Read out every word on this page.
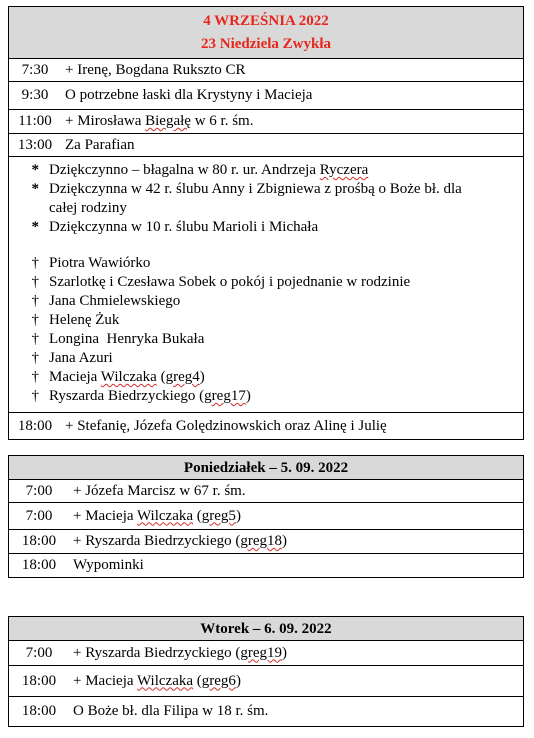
4 WRZEŚNIA 2022
23 Niedziela Zwykła
7:30	+ Irenę, Bogdana Rukszto CR
9:30	O potrzebne łaski dla Krystyny i Macieja
11:00 + Mirosława Biegałę w 6 r. śm.
13:00 Za Parafian
* Dziękczynno – błagalna w 80 r. ur. Andrzeja Ryczera
* Dziękczynna w 42 r. ślubu Anny i Zbigniewa z prośbą o Boże bł. dla całej rodziny
* Dziękczynna w 10 r. ślubu Marioli i Michała
† Piotra Wawiórko
† Szarlotkę i Czesława Sobek o pokój i pojednanie w rodzinie
† Jana Chmielewskiego
† Helenę Żuk
† Longina  Henryka Bukała
† Jana Azuri
† Macieja Wilczaka (greg4)
† Ryszarda Biedrzyckiego (greg17)
18:00 + Stefanię, Józefa Golędzinowskich oraz Alinę i Julię
Poniedziałek – 5. 09. 2022
7:00	+ Józefa Marcisz w 67 r. śm.
7:00	+ Macieja Wilczaka (greg5)
18:00	+ Ryszarda Biedrzyckiego (greg18)
18:00	Wypominki
Wtorek – 6. 09. 2022
7:00	+ Ryszarda Biedrzyckiego (greg19)
18:00	+ Macieja Wilczaka (greg6)
18:00	O Boże bł. dla Filipa w 18 r. śm.
